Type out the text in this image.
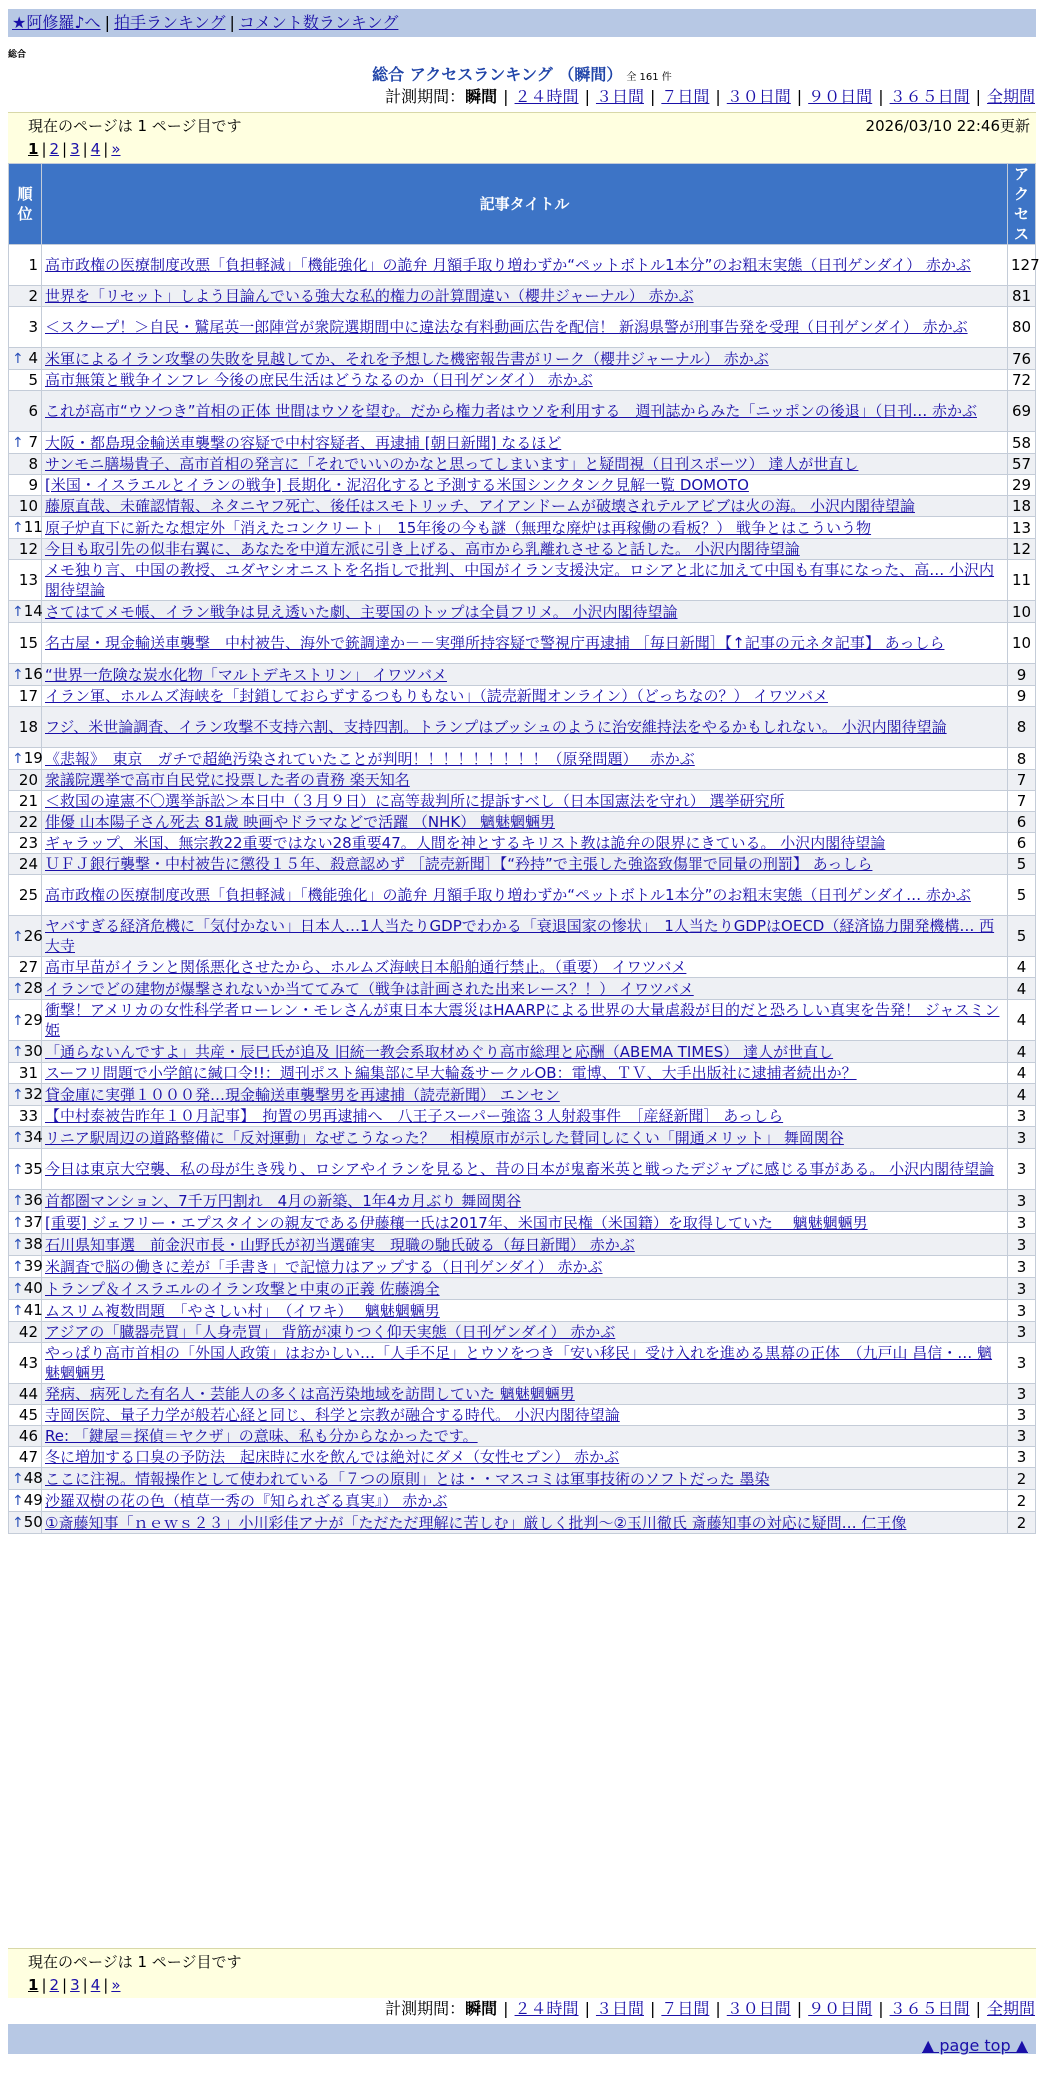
★阿修羅♪へ | 拍手ランキング | コメント数ランキング
総合
総合 アクセスランキング （瞬間） 全 161 件
計測期間：瞬間 | ２４時間 | ３日間 | ７日間 | ３０日間 | ９０日間 | ３６５日間 | 全期間
現在のページは 1 ページ目です	2026/03/10 22:46更新
1 | 2 | 3 | 4 | »
順位	記事タイトル	アクセス
1	高市政権の医療制度改悪「負担軽減」「機能強化」の詭弁 月額手取り増わずか“ペットボトル1本分”のお粗末実態（日刊ゲンダイ） 赤かぶ	127
2	世界を「リセット」しよう目論んでいる強大な私的権力の計算間違い（櫻井ジャーナル） 赤かぶ	81
3	＜スクープ！＞自民・鷲尾英一郎陣営が衆院選期間中に違法な有料動画広告を配信！ 新潟県警が刑事告発を受理（日刊ゲンダイ） 赤かぶ	80

↑ 4	米軍によるイラン攻撃の失敗を見越してか、それを予想した機密報告書がリーク（櫻井ジャーナル） 赤かぶ	76
5	高市無策と戦争インフレ 今後の庶民生活はどうなるのか（日刊ゲンダイ） 赤かぶ	72
6	これが高市“ウソつき”首相の正体 世間はウソを望む。だから権力者はウソを利用する　週刊誌からみた「ニッポンの後退」（日刊… 赤かぶ	69

↑ 7	大阪・都島現金輸送車襲撃の容疑で中村容疑者、再逮捕 [朝日新聞] なるほど	58
8	サンモニ膳場貴子、高市首相の発言に「それでいいのかなと思ってしまいます」と疑問視（日刊スポーツ） 達人が世直し	57
9	[米国・イスラエルとイランの戦争] 長期化・泥沼化すると予測する米国シンクタンク見解一覧 DOMOTO	29
10	藤原直哉、未確認情報、ネタニヤフ死亡、後任はスモトリッチ、アイアンドームが破壊されテルアビブは火の海。 小沢内閣待望論	18

↑ 11	原子炉直下に新たな想定外「消えたコンクリート」　15年後の今も謎（無理な廃炉は再稼働の看板？） 戦争とはこういう物	13
12	今日も取引先の似非右翼に、あなたを中道左派に引き上げる、高市から乳離れさせると話した。 小沢内閣待望論	12
13	メモ独り言、中国の教授、ユダヤシオニストを名指しで批判、中国がイラン支援決定。ロシアと北に加えて中国も有事になった、高… 小沢内閣待望論	11

↑ 14	さてはてメモ帳、イラン戦争は見え透いた劇、主要国のトップは全員フリメ。 小沢内閣待望論	10
15	名古屋・現金輸送車襲撃　中村被告、海外で銃調達か－－実弾所持容疑で警視庁再逮捕 ［毎日新聞］【↑記事の元ネタ記事】 あっしら	10

↑ 16	“世界一危険な炭水化物「マルトデキストリン」 イワツバメ	9
17	イラン軍、ホルムズ海峡を「封鎖しておらずするつもりもない」（読売新聞オンライン）（どっちなの？） イワツバメ	9
18	フジ、米世論調査、イラン攻撃不支持六割、支持四割。トランプはブッシュのように治安維持法をやるかもしれない。 小沢内閣待望論	8

↑ 19	《悲報》　東京　ガチで超絶汚染されていたことが判明！！！！！！！！！（原発問題）　 赤かぶ	8
20	衆議院選挙で高市自民党に投票した者の責務 楽天知名	7
21	＜救国の違憲不〇選挙訴訟＞本日中（３月９日）に高等裁判所に提訴すべし（日本国憲法を守れ） 選挙研究所	7
22	俳優 山本陽子さん死去 81歳 映画やドラマなどで活躍 （NHK） 魑魅魍魎男	6
23	ギャラップ、米国、無宗教22重要ではない28重要47。人間を神とするキリスト教は詭弁の限界にきている。 小沢内閣待望論	6
24	ＵＦＪ銀行襲撃・中村被告に懲役１５年、殺意認めず ［読売新聞］【“矜持”で主張した強盗致傷罪で同量の刑罰】 あっしら	5
25	高市政権の医療制度改悪「負担軽減」「機能強化」の詭弁 月額手取り増わずか“ペットボトル1本分”のお粗末実態（日刊ゲンダイ… 赤かぶ	5

↑ 26	ヤバすぎる経済危機に「気付かない」日本人…1人当たりGDPでわかる「衰退国家の惨状」　1人当たりGDPはOECD（経済協力開発機構… 西大寺	5
27	高市早苗がイランと関係悪化させたから、ホルムズ海峡日本船舶通行禁止。（重要） イワツバメ	4

↑ 28	イランでどの建物が爆撃されないか当ててみて（戦争は計画された出来レース？！） イワツバメ	4

↑ 29	衝撃！アメリカの女性科学者ローレン・モレさんが東日本大震災はHAARPによる世界の大量虐殺が目的だと恐ろしい真実を告発！ ジャスミン姫	4

↑ 30	「通らないんですよ」共産・辰巳氏が追及 旧統一教会系取材めぐり高市総理と応酬（ABEMA TIMES） 達人が世直し	4
31	スーフリ問題で小学館に緘口令!!：週刊ポスト編集部に早大輪姦サークルOB：電博、ＴＶ、大手出版社に逮捕者続出か？	4

↑ 32	貸金庫に実弾１０００発…現金輸送車襲撃男を再逮捕（読売新聞） エンセン	4
33	【中村泰被告昨年１０月記事】　拘置の男再逮捕へ　八王子スーパー強盗３人射殺事件　［産経新聞］ あっしら	3

↑ 34	リニア駅周辺の道路整備に「反対運動」なぜこうなった？　相模原市が示した賛同しにくい「開通メリット」 舞岡関谷	3

↑ 35	今日は東京大空襲、私の母が生き残り、ロシアやイランを見ると、昔の日本が鬼畜米英と戦ったデジャブに感じる事がある。 小沢内閣待望論	3

↑ 36	首都圏マンション、7千万円割れ　4月の新築、1年4カ月ぶり 舞岡関谷	3

↑ 37	[重要] ジェフリー・エプスタインの親友である伊藤穰一氏は2017年、米国市民権（米国籍）を取得していた　 魑魅魍魎男	3

↑ 38	石川県知事選　前金沢市長・山野氏が初当選確実　現職の馳氏破る（毎日新聞） 赤かぶ	3

↑ 39	米調査で脳の働きに差が「手書き」で記憶力はアップする（日刊ゲンダイ） 赤かぶ	3

↑ 40	トランプ＆イスラエルのイラン攻撃と中東の正義 佐藤鴻全	3

↑ 41	ムスリム複数問題　「やさしい村」　（イワキ）　 魑魅魍魎男	3
42	アジアの「臓器売買」「人身売買」 背筋が凍りつく仰天実態（日刊ゲンダイ） 赤かぶ	3
43	やっぱり高市首相の「外国人政策」はおかしい…「人手不足」とウソをつき「安い移民」受け入れを進める黒幕の正体　（九戸山 昌信・… 魑魅魍魎男	3
44	発病、病死した有名人・芸能人の多くは高汚染地域を訪問していた 魑魅魍魎男	3
45	寺岡医院、量子力学が般若心経と同じ、科学と宗教が融合する時代。 小沢内閣待望論	3
46	Re: 「鍵屋＝探偵＝ヤクザ」の意味、私も分からなかったです。	3
47	冬に増加する口臭の予防法　起床時に水を飲んでは絶対にダメ（女性セブン） 赤かぶ	3

↑ 48	ここに注視。情報操作として使われている「７つの原則」とは・・マスコミは軍事技術のソフトだった 墨染	2

↑ 49	沙羅双樹の花の色（植草一秀の『知られざる真実』） 赤かぶ	2

↑ 50	①斎藤知事「ｎｅｗｓ２３」小川彩佳アナが「ただただ理解に苦しむ」厳しく批判～②玉川徹氏 斎藤知事の対応に疑問… 仁王像	2
現在のページは 1 ページ目です
1 | 2 | 3 | 4 | »
計測期間：瞬間 | ２４時間 | ３日間 | ７日間 | ３０日間 | ９０日間 | ３６５日間 | 全期間
▲ page top ▲
